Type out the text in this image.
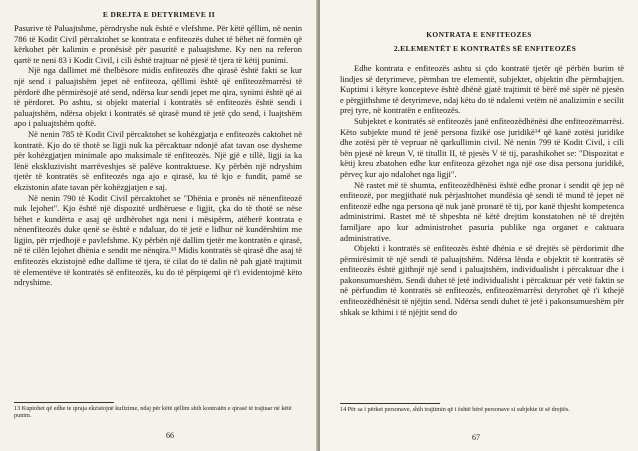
E DREJTA E DETYRIMEVE II

Pasurive të Paluajtshme, përndryshe nuk është e vlefshme. Për këtë qëllim, në nenin 786 të Kodit Civil përcaktohet se kontrata e enfiteozës duhet të bëhet në formën që kërkohet për kalimin e pronësisë për pasuritë e paluajtshme. Ky nen na referon qartë te neni 83 i Kodit Civil, i cili është trajtuar në pjesë të tjera të këtij punimi.

Një nga dallimet më thelbësore midis enfiteozës dhe qirasë është fakti se kur një send i paluajtshëm jepet në enfiteoza, qëllimi është që enfiteozëmarrësi të përdorë dhe përmirësojë atë send, ndërsa kur sendi jepet me qira, synimi është që ai të përdoret. Po ashtu, si objekt material i kontratës së enfiteozës është sendi i paluajtshëm, ndërsa objekt i kontratës së qirasë mund të jetë çdo send, i luajtshëm apo i paluajtshëm qoftë.

Në nenin 785 të Kodit Civil përcaktohet se kohëzgjatja e enfiteozës caktohet në kontratë. Kjo do të thotë se ligji nuk ka përcaktuar ndonjë afat tavan ose dysheme për kohëzgjatjen minimale apo maksimale të enfiteozës. Një gjë e tillë, ligji ia ka lënë ekskluzivisht marrëveshjes së palëve kontraktuese. Ky përbën një ndryshim tjetër të kontratës së enfiteozës nga ajo e qirasë, ku të kjo e fundit, pamë se ekzistonin afate tavan për kohëzgjatjen e saj.

Në nenin 790 të Kodit Civil përcaktohet se "Dhënia e pronës në nënenfiteozë nuk lejohet". Kjo është një dispozitë urdhëruese e ligjit, çka do të thotë se nëse bëhet e kundërta e asaj që urdhërohet nga neni i mësipërm, atëherë kontrata e nënenfiteozës duke qenë se është e ndaluar, do të jetë e lidhur në kundërshtim me ligjin, për rrjedhojë e pavlefshme. Ky përbën një dallim tjetër me kontratën e qirasë, në të cilën lejohet dhënia e sendit me nënqira.¹³ Midis kontratës së qirasë dhe asaj të enfiteozës ekzistojnë edhe dallime të tjera, të cilat do të dalin në pah gjatë trajtimit të elementëve të kontratës së enfiteozës, ku do të përpiqemi që t'i evidentojmë këto ndryshime.

13 Kuptohet që edhe te qiraja ekzistojnë kufizime, ndaj për këtë qëllim shih kontratën e qirasë të trajtuar në këtë punim.
66
KONTRATA E ENFITEOZES
2.ELEMENTËT E KONTRATËS SË ENFITEOZËS

Edhe kontrata e enfiteozës ashtu si çdo kontratë tjetër që përbën burim të lindjes së detyrimeve, përmban tre elementë, subjektet, objektin dhe përmbajtjen. Kuptimi i këtyre koncepteve është dhënë gjatë trajtimit të bërë më sipër në pjesën e përgjithshme të detyrimeve, ndaj këtu do të ndalemi vetëm në analizimin e secilit prej tyre, në kontratën e enfiteozës.

Subjektet e kontratës së enfiteozës janë enfiteozëdhënësi dhe enfiteozëmarrësi. Këto subjekte mund të jenë persona fizikë ose juridikë¹⁴ që kanë zotësi juridike dhe zotësi për të vepruar në qarkullimin civil. Në nenin 799 të Kodit Civil, i cili bën pjesë në kreun V, të titullit II, të pjesës V të tij, parashikohet se: "Dispozitat e këtij kreu zbatohen edhe kur enfiteoza gëzohet nga një ose disa persona juridikë, përveç kur ajo ndalohet nga ligji".

Në rastet më të shumta, enfiteozëdhënësi është edhe pronar i sendit që jep në enfiteozë, por megjithatë nuk përjashtohet mundësia që sendi të mund të jepet në enfiteozë edhe nga persona që nuk janë pronarë të tij, por kanë thjesht kompetenca administrimi. Rastet më të shpeshta në këtë drejtim konstatohen në të drejtën familjare apo kur administrohet pasuria publike nga organet e caktuara administrative.

Objekti i kontratës së enfiteozës është dhënia e së drejtës së përdorimit dhe përmirësimit të një sendi të paluajtshëm. Ndërsa lënda e objektit të kontratës së enfiteozës është gjithnjë një send i paluajtshëm, individualisht i përcaktuar dhe i pakonsumueshëm. Sendi duhet të jetë individualisht i përcaktuar për vetë faktin se në përfundim të kontratës së enfiteozës, enfiteozëmarrësi detyrohet që t'i kthejë enfiteozëdhënësit të njëjtin send. Ndërsa sendi duhet të jetë i pakonsumueshëm për shkak se kthimi i të njëjtit send do

14 Për sa i përket personave, shih trajtimin që i është bërë personave si subjekte të së drejtës.
67
